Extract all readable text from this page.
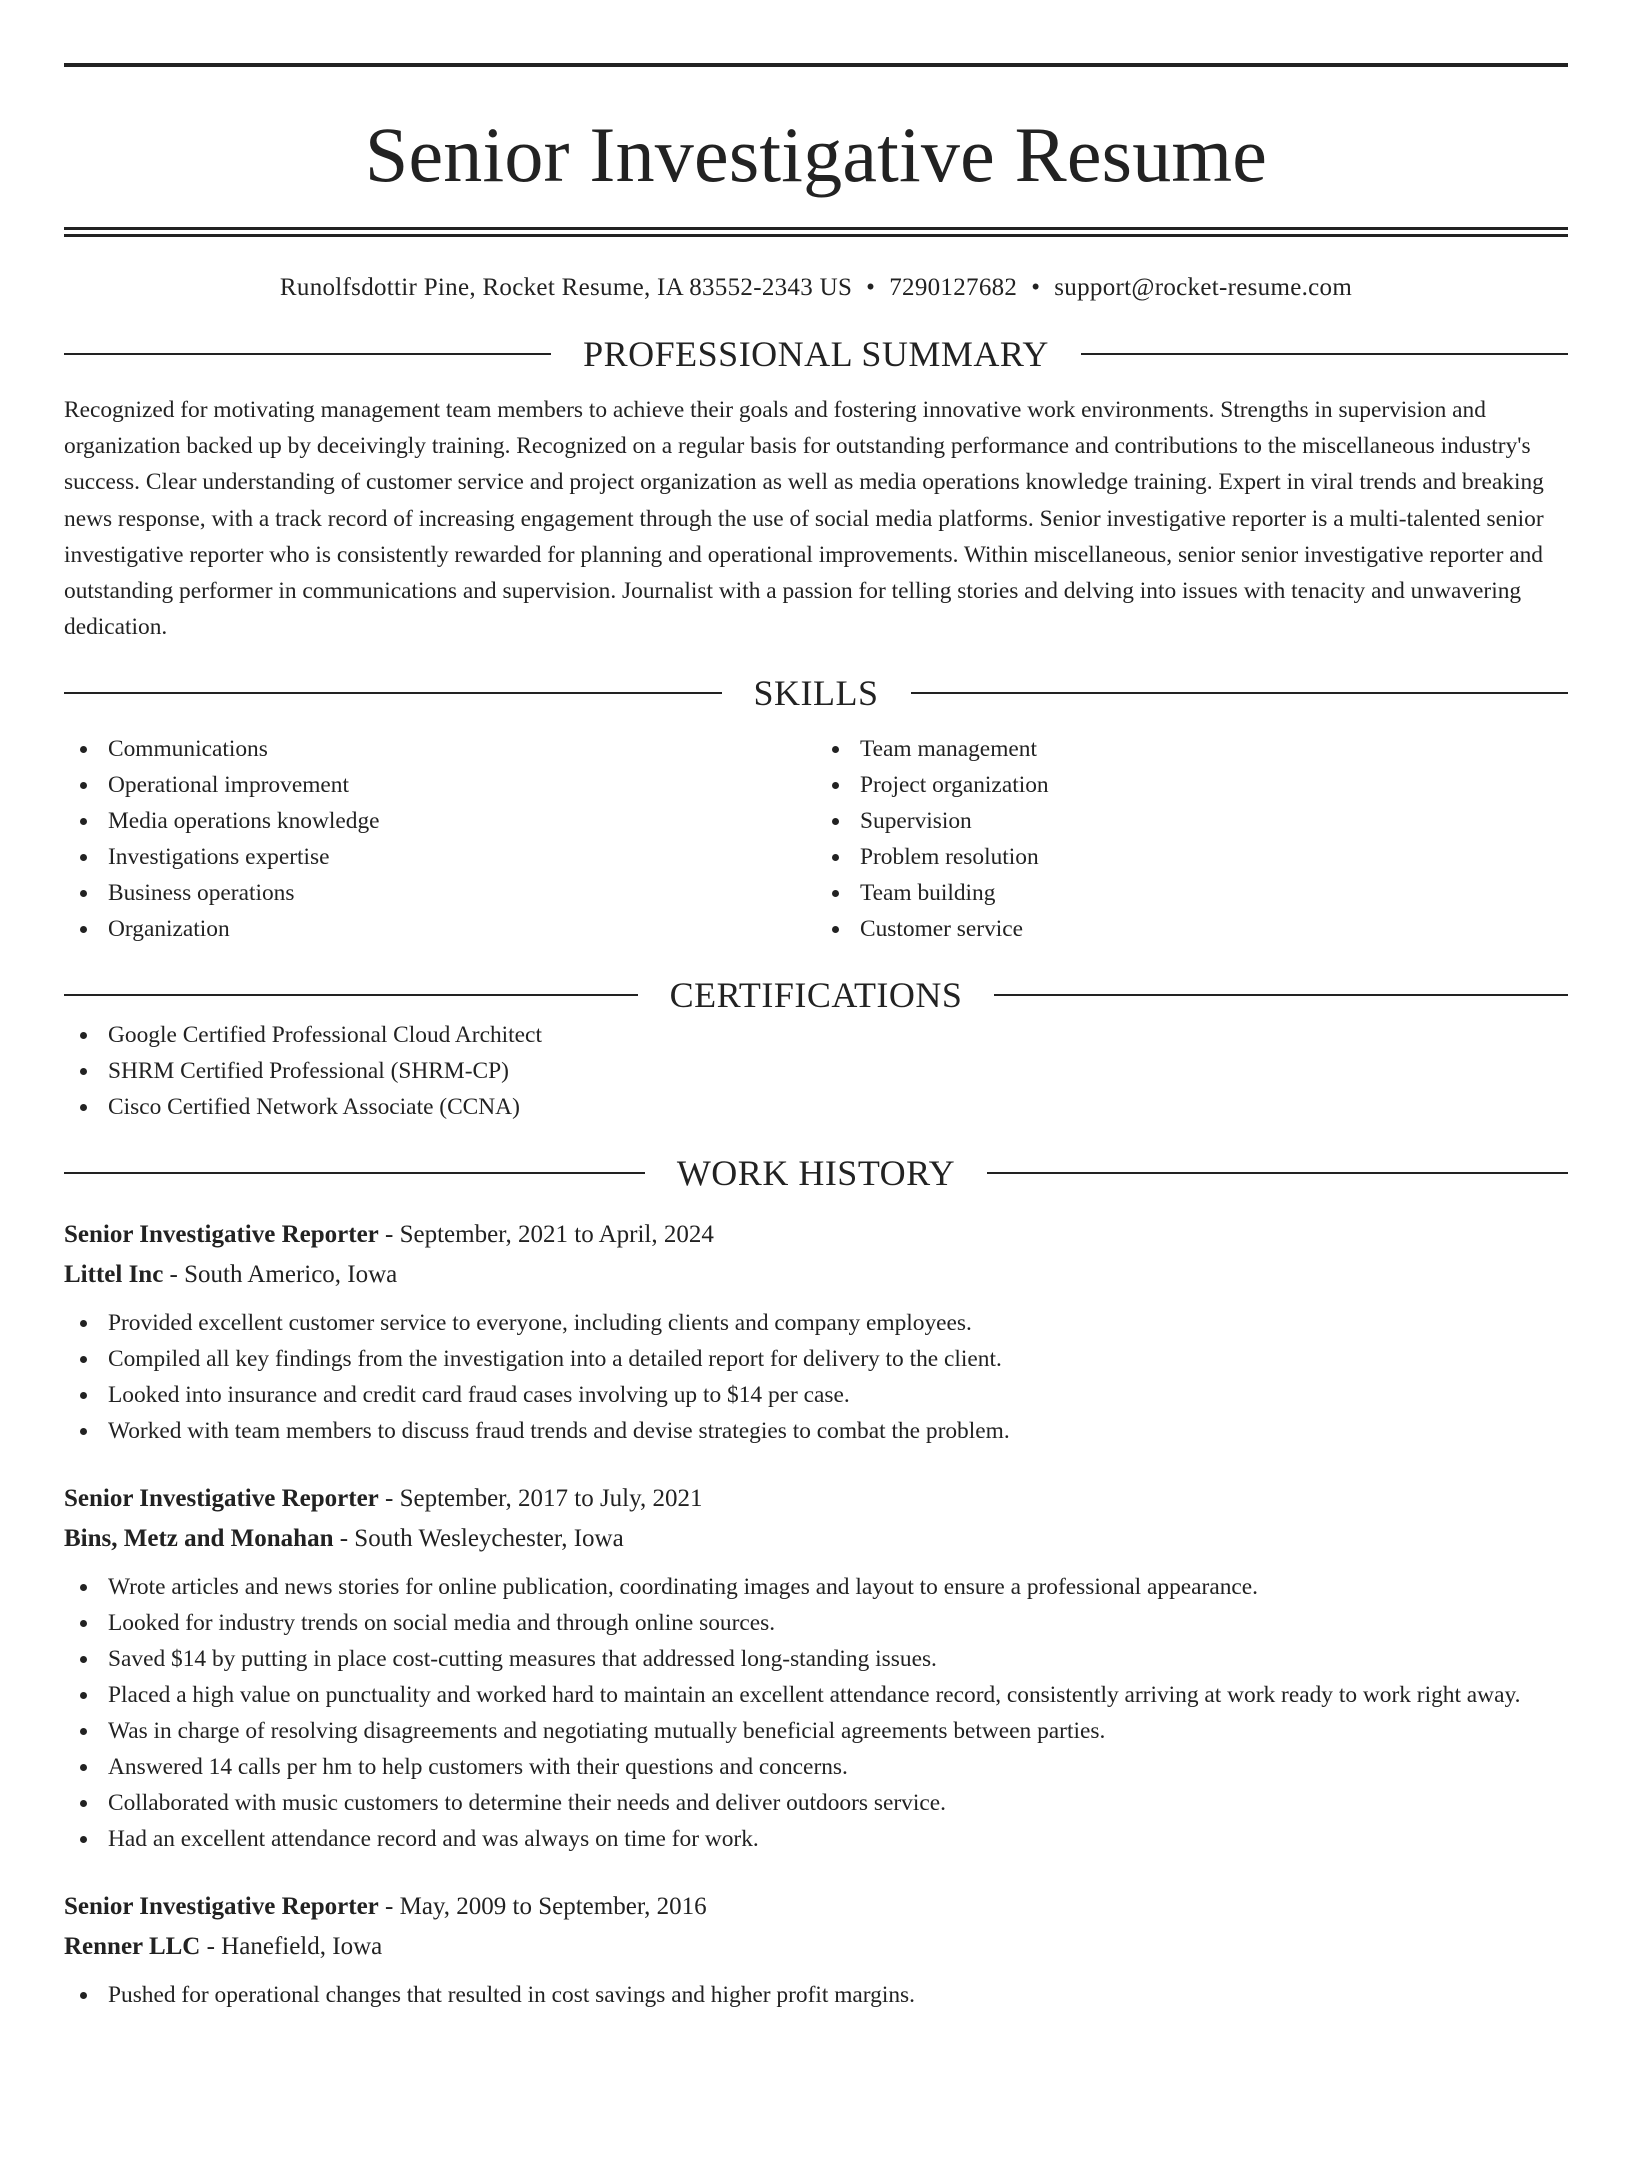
Senior Investigative Resume
Runolfsdottir Pine, Rocket Resume, IA 83552-2343 US • 7290127682 • support@rocket-resume.com
PROFESSIONAL SUMMARY

Recognized for motivating management team members to achieve their goals and fostering innovative work environments. Strengths in supervision and organization backed up by deceivingly training. Recognized on a regular basis for outstanding performance and contributions to the miscellaneous industry's success. Clear understanding of customer service and project organization as well as media operations knowledge training. Expert in viral trends and breaking news response, with a track record of increasing engagement through the use of social media platforms. Senior investigative reporter is a multi-talented senior investigative reporter who is consistently rewarded for planning and operational improvements. Within miscellaneous, senior senior investigative reporter and outstanding performer in communications and supervision. Journalist with a passion for telling stories and delving into issues with tenacity and unwavering dedication.

SKILLS
Communications
Operational improvement
Media operations knowledge
Investigations expertise
Business operations
Organization
Team management
Project organization
Supervision
Problem resolution
Team building
Customer service
CERTIFICATIONS
Google Certified Professional Cloud Architect
SHRM Certified Professional (SHRM-CP)
Cisco Certified Network Associate (CCNA)
WORK HISTORY
Senior Investigative Reporter - September, 2021 to April, 2024
Littel Inc - South Americo, Iowa
Provided excellent customer service to everyone, including clients and company employees.
Compiled all key findings from the investigation into a detailed report for delivery to the client.
Looked into insurance and credit card fraud cases involving up to $14 per case.
Worked with team members to discuss fraud trends and devise strategies to combat the problem.
Senior Investigative Reporter - September, 2017 to July, 2021
Bins, Metz and Monahan - South Wesleychester, Iowa
Wrote articles and news stories for online publication, coordinating images and layout to ensure a professional appearance.
Looked for industry trends on social media and through online sources.
Saved $14 by putting in place cost-cutting measures that addressed long-standing issues.
Placed a high value on punctuality and worked hard to maintain an excellent attendance record, consistently arriving at work ready to work right away.
Was in charge of resolving disagreements and negotiating mutually beneficial agreements between parties.
Answered 14 calls per hm to help customers with their questions and concerns.
Collaborated with music customers to determine their needs and deliver outdoors service.
Had an excellent attendance record and was always on time for work.
Senior Investigative Reporter - May, 2009 to September, 2016
Renner LLC - Hanefield, Iowa
Pushed for operational changes that resulted in cost savings and higher profit margins.
